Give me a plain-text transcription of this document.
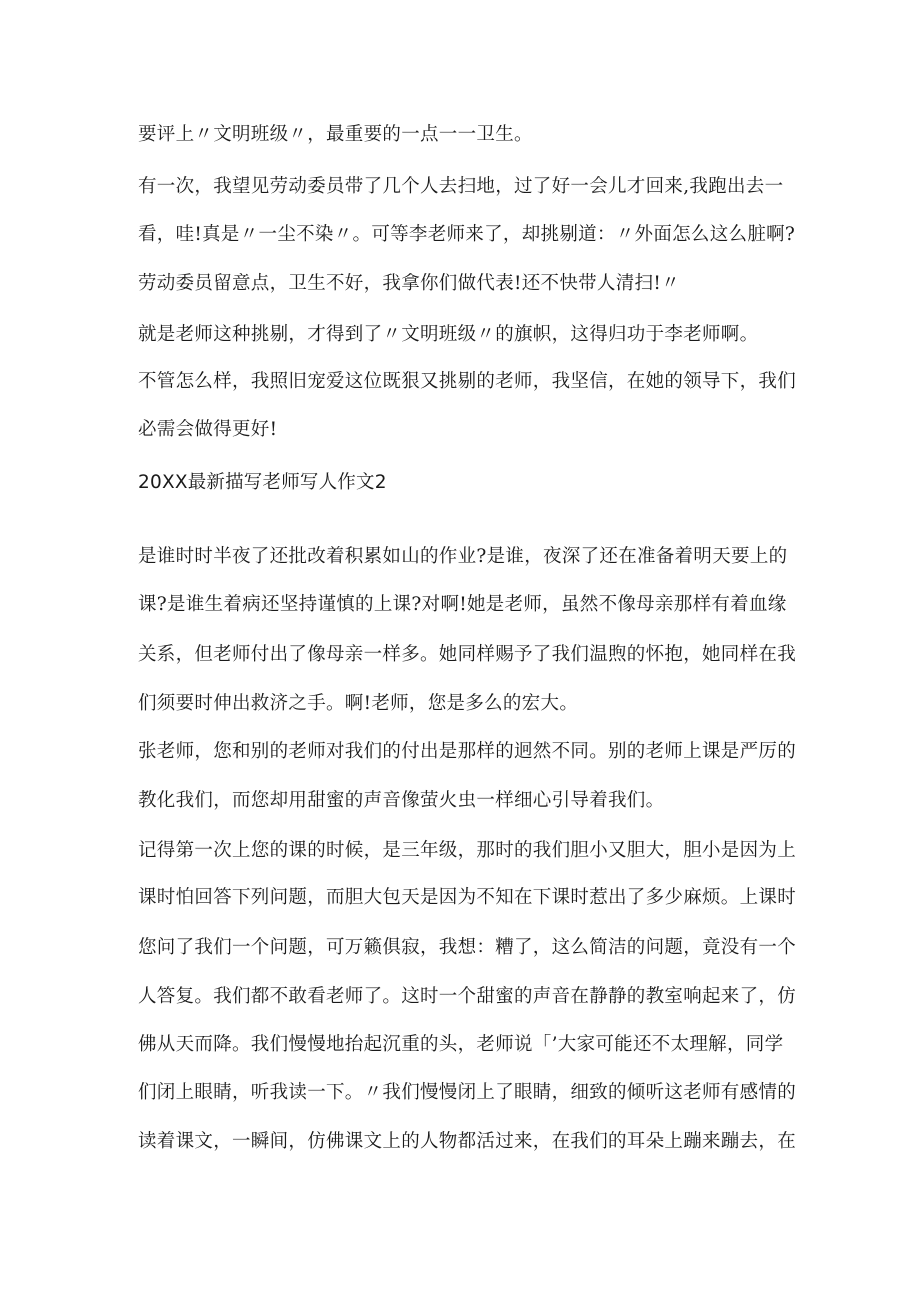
要评上〃文明班级〃，最重要的一点一一卫生。
有一次，我望见劳动委员带了几个人去扫地，过了好一会儿才回来,我跑出去一
看，哇!真是〃一尘不染〃。可等李老师来了，却挑剔道：〃外面怎么这么脏啊?
劳动委员留意点，卫生不好，我拿你们做代表!还不快带人清扫!〃
就是老师这种挑剔，才得到了〃文明班级〃的旗帜，这得归功于李老师啊。
不管怎么样，我照旧宠爱这位既狠又挑剔的老师，我坚信，在她的领导下，我们
必需会做得更好!
20XX最新描写老师写人作文2
是谁时时半夜了还批改着积累如山的作业?是谁，夜深了还在准备着明天要上的
课?是谁生着病还坚持谨慎的上课?对啊!她是老师，虽然不像母亲那样有着血缘
关系，但老师付出了像母亲一样多。她同样赐予了我们温煦的怀抱，她同样在我
们须要时伸出救济之手。啊!老师，您是多么的宏大。
张老师，您和别的老师对我们的付出是那样的迥然不同。别的老师上课是严厉的
教化我们，而您却用甜蜜的声音像萤火虫一样细心引导着我们。
记得第一次上您的课的时候，是三年级，那时的我们胆小又胆大，胆小是因为上
课时怕回答下列问题，而胆大包天是因为不知在下课时惹出了多少麻烦。上课时
您问了我们一个问题，可万籁俱寂，我想：糟了，这么简洁的问题，竟没有一个
人答复。我们都不敢看老师了。这时一个甜蜜的声音在静静的教室响起来了，仿
佛从天而降。我们慢慢地抬起沉重的头，老师说「’大家可能还不太理解，同学
们闭上眼睛，听我读一下。〃我们慢慢闭上了眼睛，细致的倾听这老师有感情的
读着课文，一瞬间，仿佛课文上的人物都活过来，在我们的耳朵上蹦来蹦去，在
